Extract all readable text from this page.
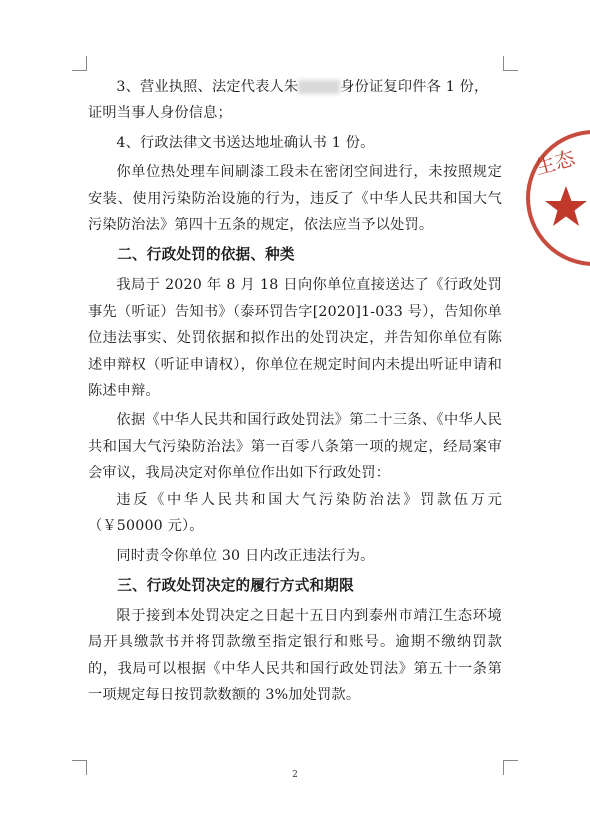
3、营业执照、法定代表人朱	身份证复印件各 1 份，

证明当事人身份信息；

4、行政法律文书送达地址确认书 1 份。

你单位热处理车间刷漆工段未在密闭空间进行，未按照规定安装、使用污染防治设施的行为，违反了《中华人民共和国大气污染防治法》第四十五条的规定，依法应当予以处罚。

二、行政处罚的依据、种类

我局于 2020 年 8 月 18 日向你单位直接送达了《行政处罚事先（听证）告知书》（泰环罚告字[2020]1-033 号），告知你单位违法事实、处罚依据和拟作出的处罚决定，并告知你单位有陈述申辩权（听证申请权），你单位在规定时间内未提出听证申请和陈述申辩。

依据《中华人民共和国行政处罚法》第二十三条、《中华人民共和国大气污染防治法》第一百零八条第一项的规定，经局案审会审议，我局决定对你单位作出如下行政处罚：

违反《中华人民共和国大气污染防治法》罚款伍万元（￥50000 元）。

同时责令你单位 30 日内改正违法行为。

三、行政处罚决定的履行方式和期限

限于接到本处罚决定之日起十五日内到泰州市靖江生态环境局开具缴款书并将罚款缴至指定银行和账号。逾期不缴纳罚款的，我局可以根据《中华人民共和国行政处罚法》第五十一条第一项规定每日按罚款数额的 3%加处罚款。

生态
2
